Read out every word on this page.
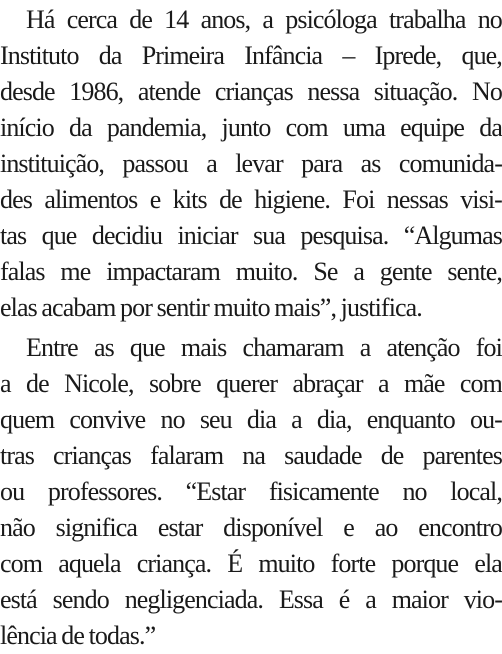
Há cerca de 14 anos, a psicóloga trabalha no
Instituto da Primeira Infância – Iprede, que,
desde 1986, atende crianças nessa situação. No
início da pandemia, junto com uma equipe da
instituição, passou a levar para as comunida-
des alimentos e kits de higiene. Foi nessas visi-
tas que decidiu iniciar sua pesquisa. “Algumas
falas me impactaram muito. Se a gente sente,
elas acabam por sentir muito mais”, justifica.
Entre as que mais chamaram a atenção foi
a de Nicole, sobre querer abraçar a mãe com
quem convive no seu dia a dia, enquanto ou-
tras crianças falaram na saudade de parentes
ou professores. “Estar fisicamente no local,
não significa estar disponível e ao encontro
com aquela criança. É muito forte porque ela
está sendo negligenciada. Essa é a maior vio-
lência de todas.”
